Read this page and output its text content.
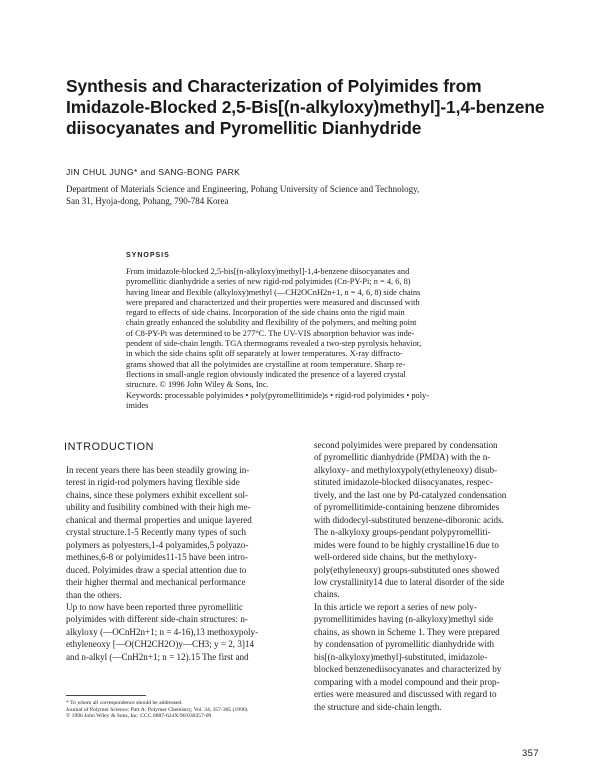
Synthesis and Characterization of Polyimides from
Imidazole-Blocked 2,5-Bis[(n-alkyloxy)methyl]-1,4-benzene
diisocyanates and Pyromellitic Dianhydride
JIN CHUL JUNG* and SANG-BONG PARK
Department of Materials Science and Engineering, Pohang University of Science and Technology,
San 31, Hyoja-dong, Pohang, 790-784 Korea
SYNOPSIS
From imidazole-blocked 2,5-bis[(n-alkyloxy)methyl]-1,4-benzene diisocyanates and
pyromellitic dianhydride a series of new rigid-rod polyimides (Cn-PY-Pi; n = 4, 6, 8)
having linear and flexible (alkyloxy)methyl (—CH2OCnH2n+1, n = 4, 6, 8) side chains
were prepared and characterized and their properties were measured and discussed with
regard to effects of side chains. Incorporation of the side chains onto the rigid main
chain greatly enhanced the solubility and flexibility of the polymers, and melting point
of C8-PY-Pi was determined to be 277°C. The UV-VIS absorption behavior was inde-
pendent of side-chain length. TGA thermograms revealed a two-step pyrolysis behavior,
in which the side chains split off separately at lower temperatures. X-ray diffracto-
grams showed that all the polyimides are crystalline at room temperature. Sharp re-
flections in small-angle region obviously indicated the presence of a layered crystal
structure. © 1996 John Wiley & Sons, Inc.
Keywords: processable polyimides • poly(pyromellitimide)s • rigid-rod polyimides • poly-
imides
INTRODUCTION
In recent years there has been steadily growing in-
terest in rigid-rod polymers having flexible side
chains, since these polymers exhibit excellent sol-
ubility and fusibility combined with their high me-
chanical and thermal properties and unique layered
crystal structure.1-5 Recently many types of such
polymers as polyesters,1-4 polyamides,5 polyazo-
methines,6-8 or polyimides11-15 have been intro-
duced. Polyimides draw a special attention due to
their higher thermal and mechanical performance
than the others.
Up to now have been reported three pyromellitic
polyimides with different side-chain structures: n-
alkyloxy (—OCnH2n+1; n = 4-16),13 methoxypoly-
ethyleneoxy [—O(CH2CH2O)y—CH3; y = 2, 3]14
and n-alkyl (—CnH2n+1; n = 12).15 The first and
second polyimides were prepared by condensation
of pyromellitic dianhydride (PMDA) with the n-
alkyloxy- and methyloxypoly(ethyleneoxy) disub-
stituted imidazole-blocked diisocyanates, respec-
tively, and the last one by Pd-catalyzed condensation
of pyromellitimide-containing benzene dibromides
with didodecyl-substituted benzene-diboronic acids.
The n-alkyloxy groups-pendant polypyromelliti-
mides were found to be highly crystalline16 due to
well-ordered side chains, but the methyloxy-
poly(ethyleneoxy) groups-substituted ones showed
low crystallinity14 due to lateral disorder of the side
chains.
In this article we report a series of new poly-
pyromellitimides having (n-alkyloxy)methyl side
chains, as shown in Scheme 1. They were prepared
by condensation of pyromellitic dianhydride with
bis[(n-alkyloxy)methyl]-substituted, imidazole-
blocked benzenediisocyanates and characterized by
comparing with a model compound and their prop-
erties were measured and discussed with regard to
the structure and side-chain length.
* To whom all correspondence should be addressed.
Journal of Polymer Science: Part A: Polymer Chemistry, Vol. 34, 357-365 (1996)
© 1996 John Wiley & Sons, Inc. CCC 0887-624X/96/030357-09
357
